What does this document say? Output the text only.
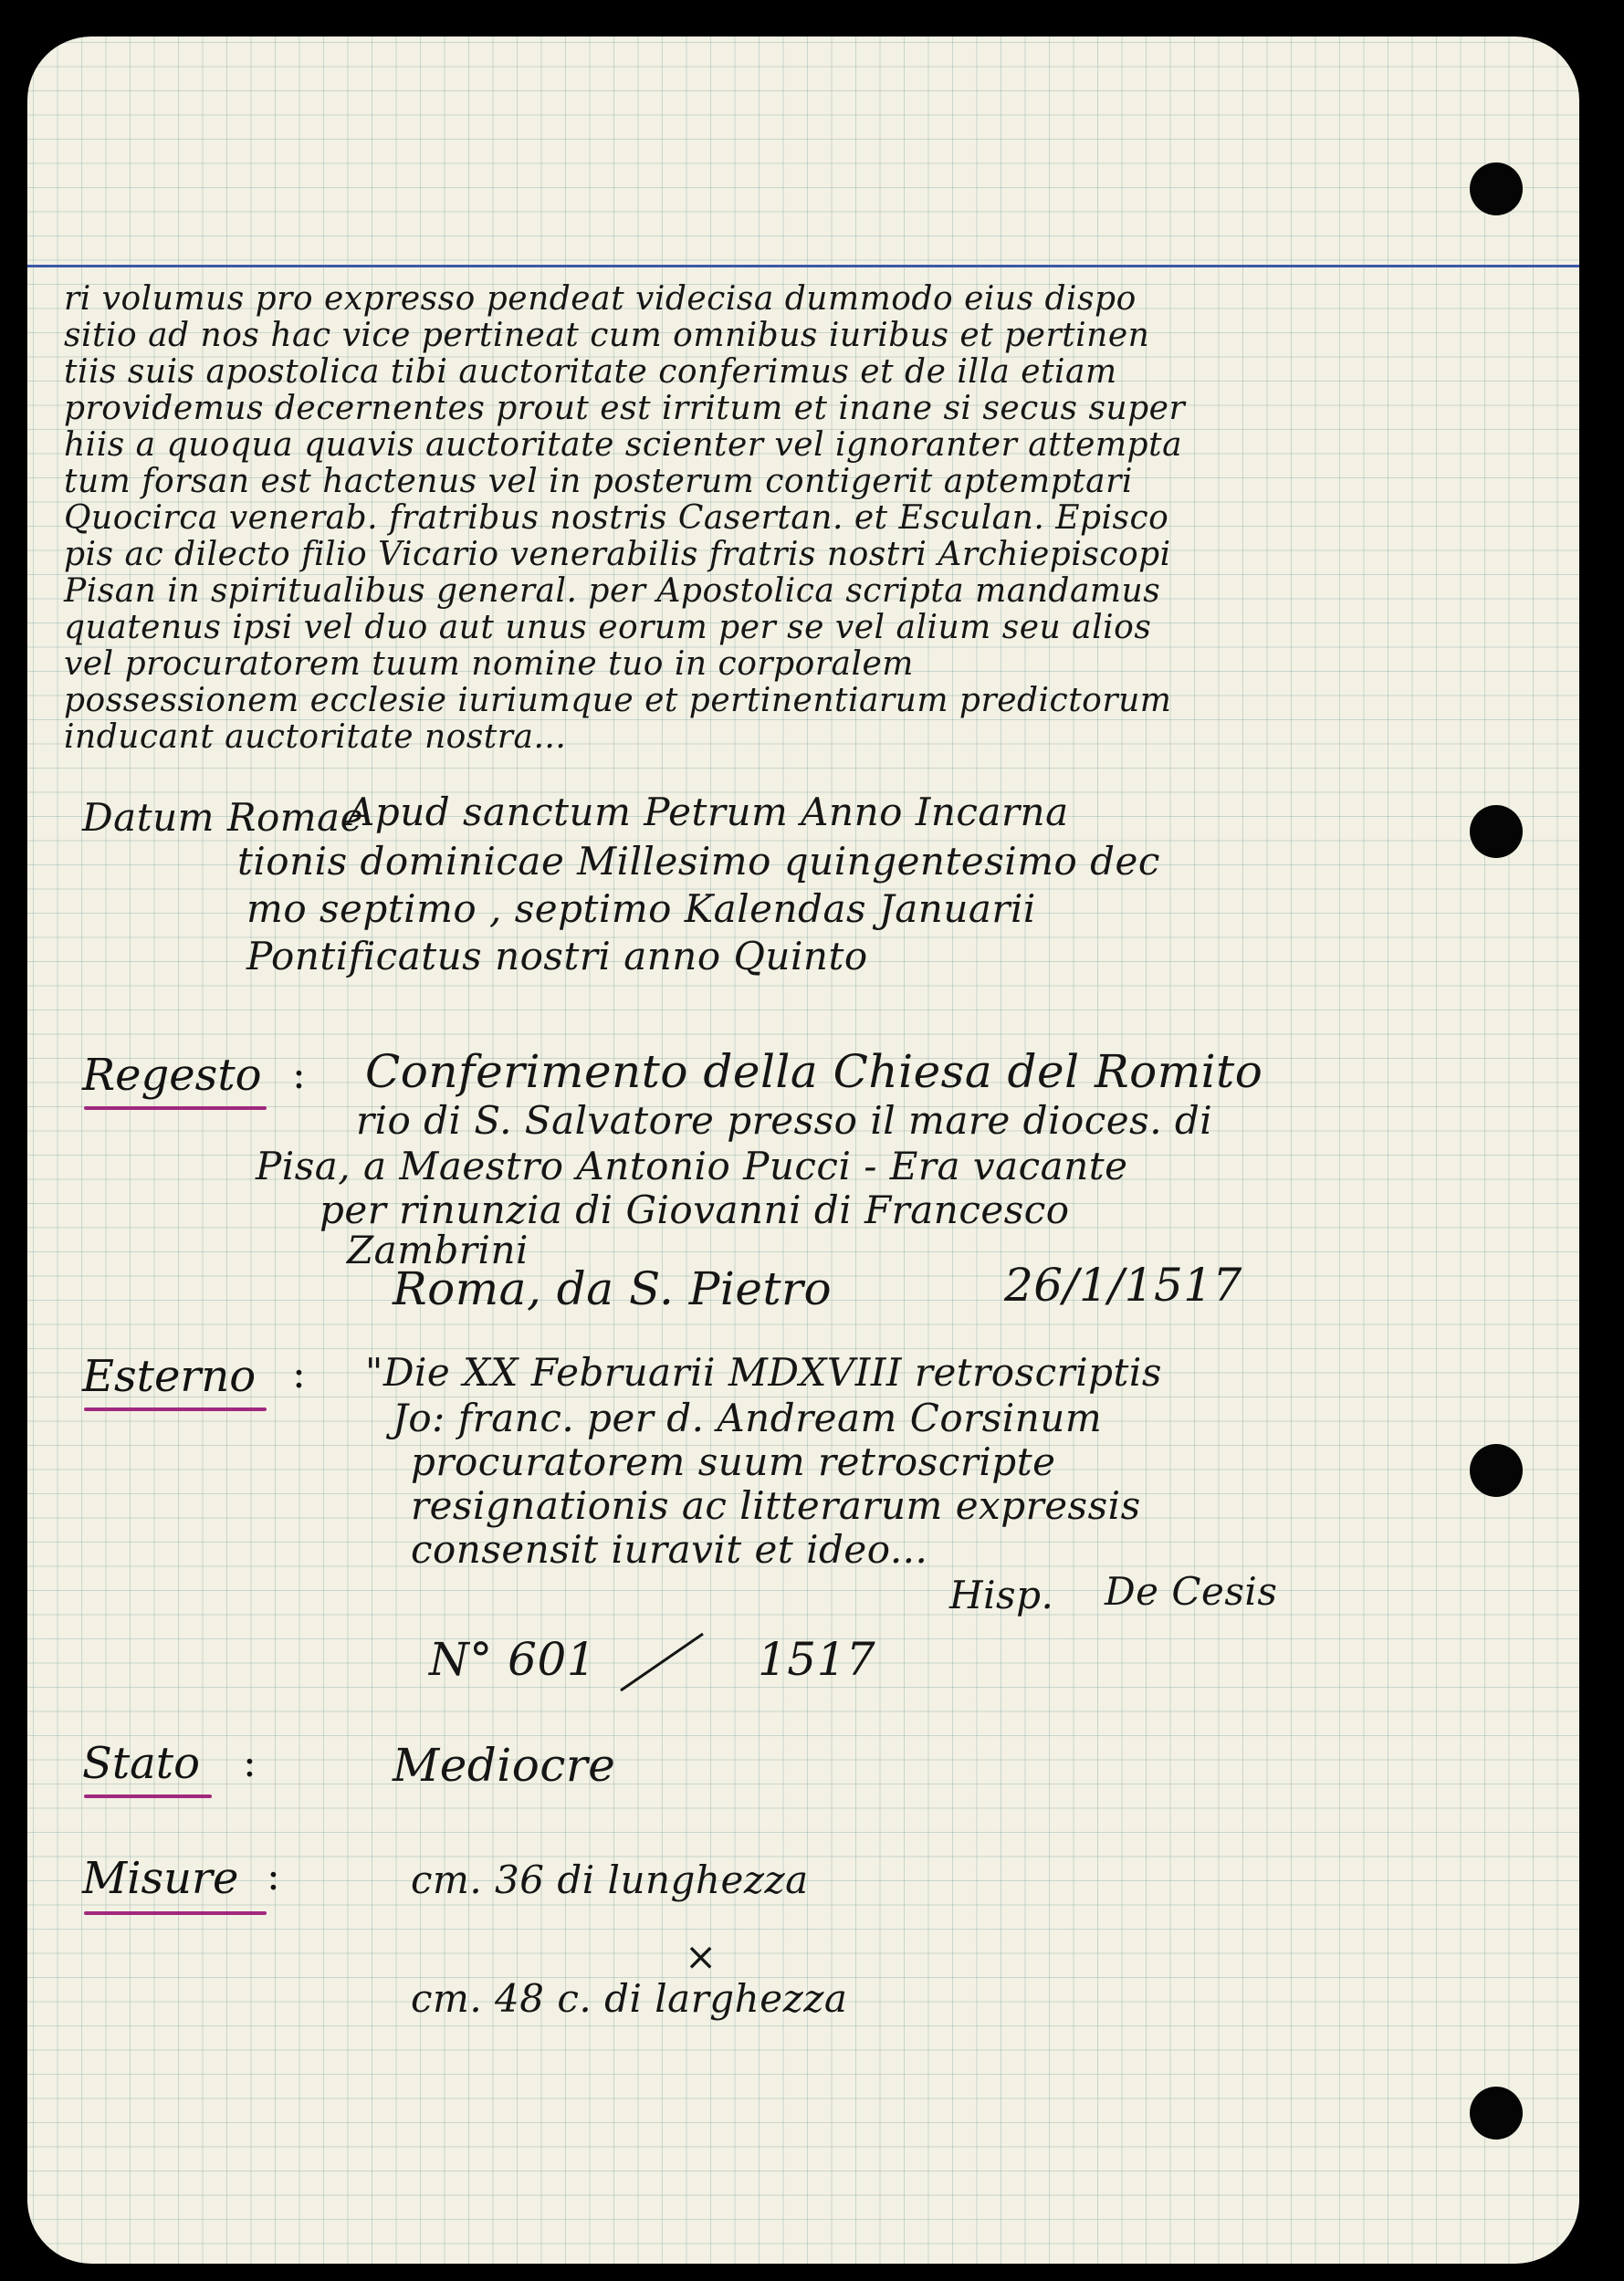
ri volumus pro expresso pendeat videcisa dummodo eius dispo
sitio ad nos hac vice pertineat cum omnibus iuribus et pertinen
tiis suis apostolica tibi auctoritate conferimus et de illa etiam
providemus decernentes prout est irritum et inane si secus super
hiis a quoqua quavis auctoritate scienter vel ignoranter attempta
tum forsan est hactenus vel in posterum contigerit aptemptari
Quocirca venerab. fratribus nostris Casertan. et Esculan. Episco
pis ac dilecto filio Vicario venerabilis fratris nostri Archiepiscopi
Pisan in spiritualibus general. per Apostolica scripta mandamus
quatenus ipsi vel duo aut unus eorum per se vel alium seu alios
vel procuratorem tuum nomine tuo in corporalem
possessionem ecclesie iuriumque et pertinentiarum predictorum
inducant auctoritate nostra...
Datum Romae
Apud sanctum Petrum Anno Incarna
tionis dominicae Millesimo quingentesimo dec
mo septimo , septimo Kalendas Januarii
Pontificatus nostri anno Quinto
Regesto : Conferimento della Chiesa del Romito
rio di S. Salvatore presso il mare dioces. di
Pisa, a Maestro Antonio Pucci - Era vacante
per rinunzia di Giovanni di Francesco
Zambrini
Roma, da S. Pietro	26/1/1517
Esterno : "Die XX Februarii MDXVIII retroscriptis
Jo: franc. per d. Andream Corsinum
procuratorem suum retroscripte
resignationis ac litterarum expressis
consensit iuravit et ideo...
Hisp. De Cesis
N° 601	1517
Stato :	Mediocre
Misure :	cm. 36 di lunghezza
×
cm. 48 c. di larghezza
